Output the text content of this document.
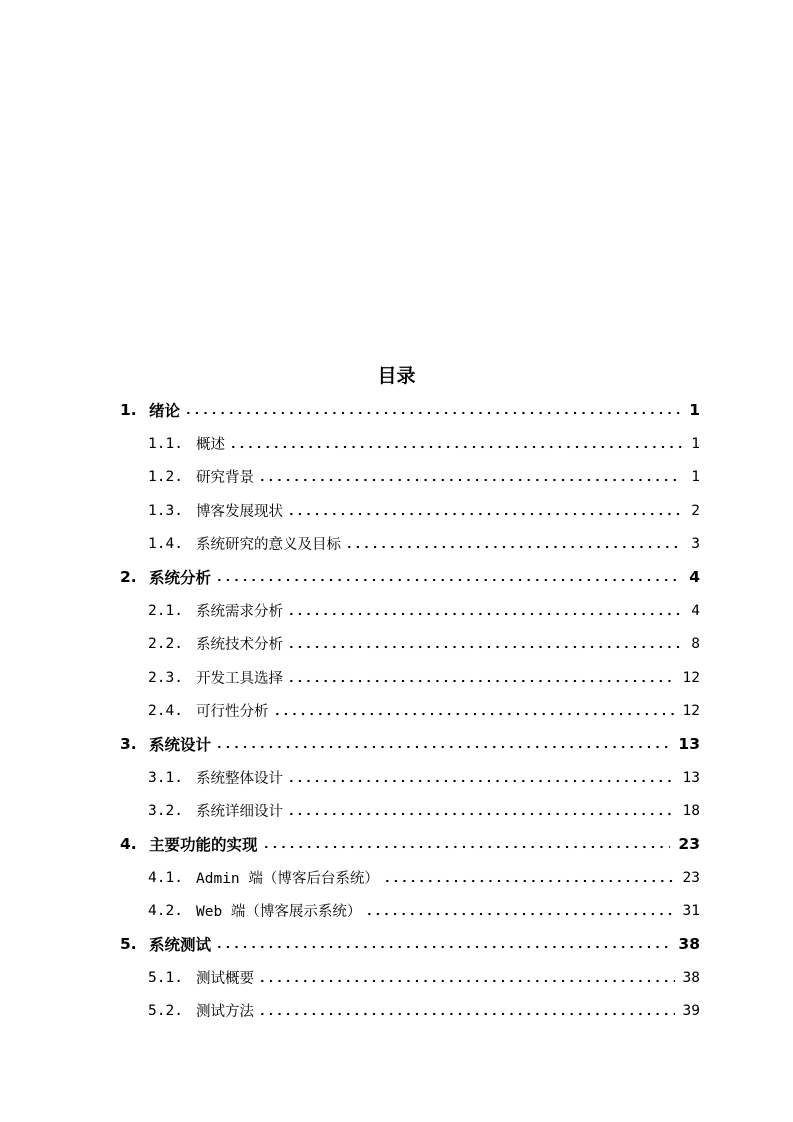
目录
1. 绪论	1
1.1. 概述	1
1.2. 研究背景	1
1.3. 博客发展现状	2
1.4. 系统研究的意义及目标	3
2. 系统分析	4
2.1. 系统需求分析	4
2.2. 系统技术分析	8
2.3. 开发工具选择	12
2.4. 可行性分析	12
3. 系统设计	13
3.1. 系统整体设计	13
3.2. 系统详细设计	18
4. 主要功能的实现	23
4.1. Admin 端（博客后台系统）	23
4.2. Web 端（博客展示系统）	31
5. 系统测试	38
5.1. 测试概要	38
5.2. 测试方法	39
